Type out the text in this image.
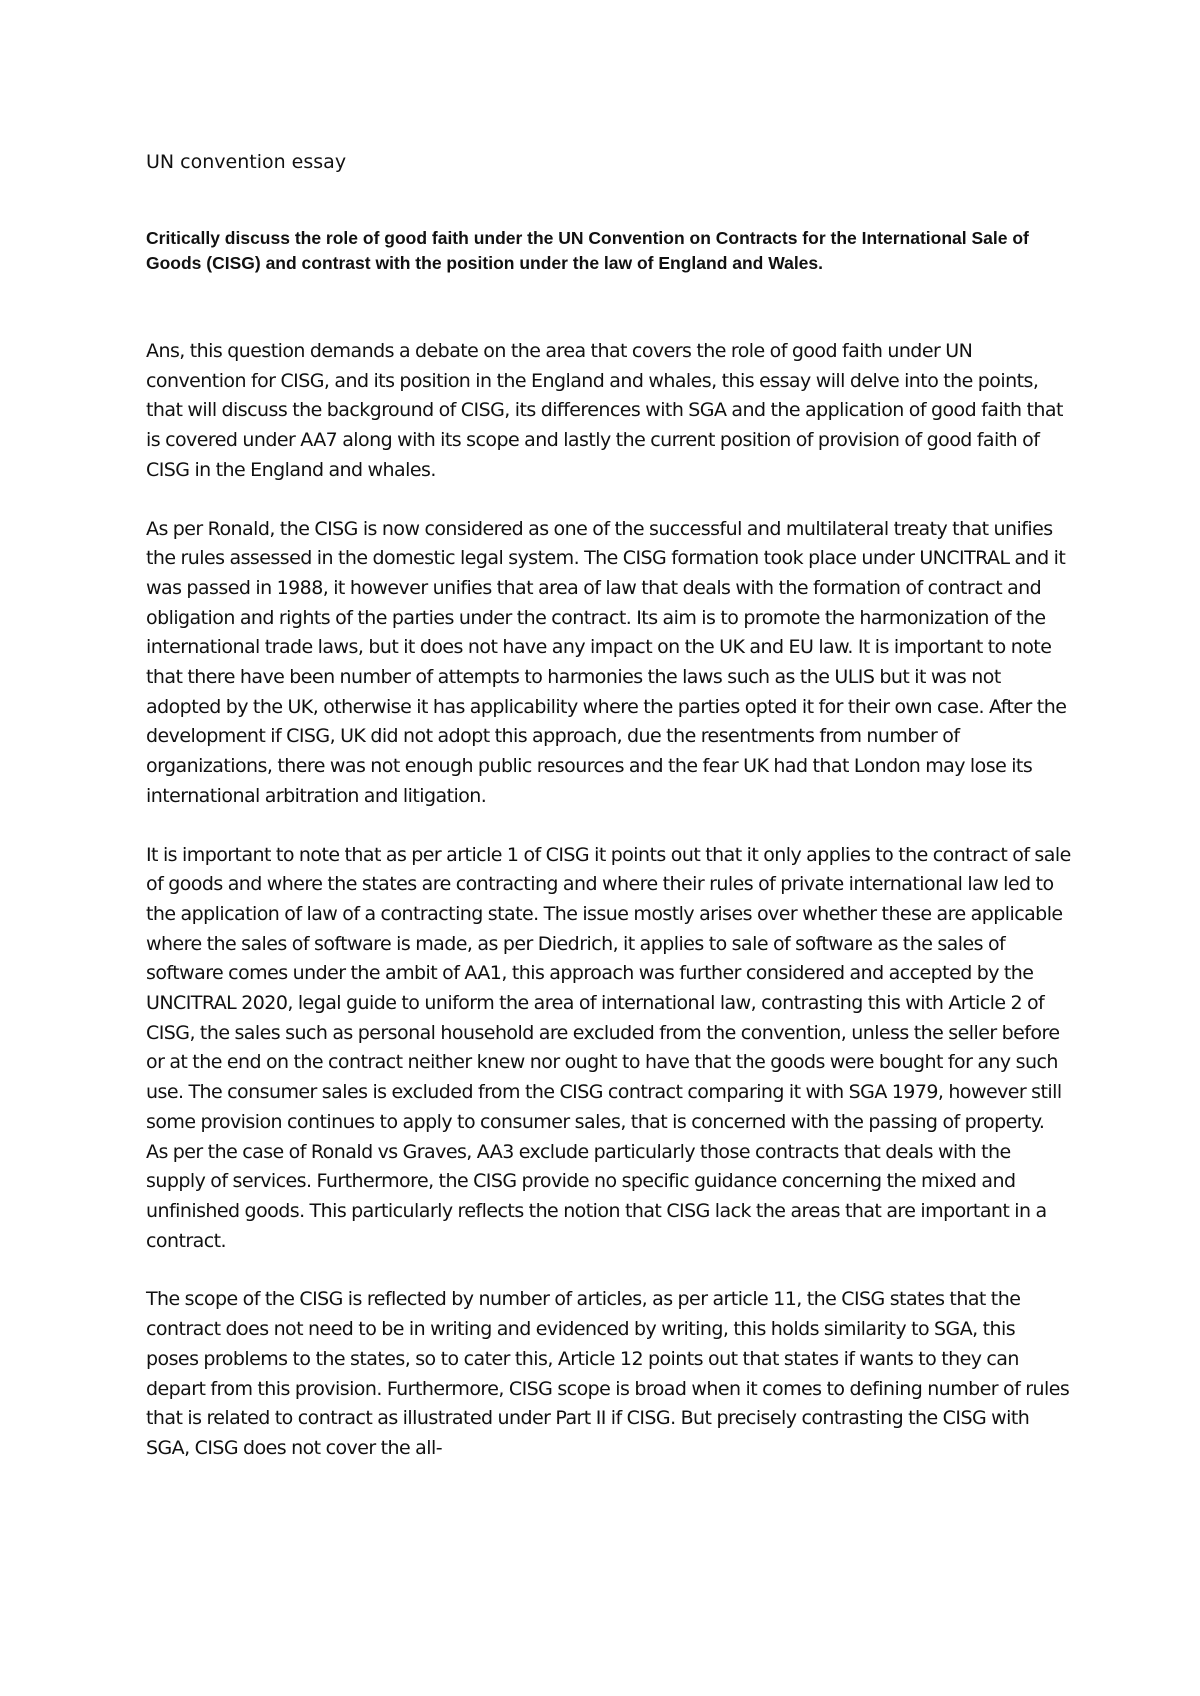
UN convention essay

Critically discuss the role of good faith under the UN Convention on Contracts for the International Sale of Goods (CISG) and contrast with the position under the law of England and Wales.

Ans, this question demands a debate on the area that covers the role of good faith under UN convention for CISG, and its position in the England and whales, this essay will delve into the points, that will discuss the background of CISG, its differences with SGA and the application of good faith that is covered under AA7 along with its scope and lastly the current position of provision of good faith of CISG in the England and whales.

As per Ronald, the CISG is now considered as one of the successful and multilateral treaty that unifies the rules assessed in the domestic legal system. The CISG formation took place under UNCITRAL and it was passed in 1988, it however unifies that area of law that deals with the formation of contract and obligation and rights of the parties under the contract. Its aim is to promote the harmonization of the international trade laws, but it does not have any impact on the UK and EU law. It is important to note that there have been number of attempts to harmonies the laws such as the ULIS but it was not adopted by the UK, otherwise it has applicability where the parties opted it for their own case. After the development if CISG, UK did not adopt this approach, due the resentments from number of organizations, there was not enough public resources and the fear UK had that London may lose its international arbitration and litigation.

It is important to note that as per article 1 of CISG it points out that it only applies to the contract of sale of goods and where the states are contracting and where their rules of private international law led to the application of law of a contracting state. The issue mostly arises over whether these are applicable where the sales of software is made, as per Diedrich, it applies to sale of software as the sales of software comes under the ambit of AA1, this approach was further considered and accepted by the UNCITRAL 2020, legal guide to uniform the area of international law, contrasting this with Article 2 of CISG, the sales such as personal household are excluded from the convention, unless the seller before or at the end on the contract neither knew nor ought to have that the goods were bought for any such use. The consumer sales is excluded from the CISG contract comparing it with SGA 1979, however still some provision continues to apply to consumer sales, that is concerned with the passing of property. As per the case of Ronald vs Graves, AA3 exclude particularly those contracts that deals with the supply of services. Furthermore, the CISG provide no specific guidance concerning the mixed and unfinished goods. This particularly reflects the notion that CISG lack the areas that are important in a contract.

The scope of the CISG is reflected by number of articles, as per article 11, the CISG states that the contract does not need to be in writing and evidenced by writing, this holds similarity to SGA, this poses problems to the states, so to cater this, Article 12 points out that states if wants to they can depart from this provision. Furthermore, CISG scope is broad when it comes to defining number of rules that is related to contract as illustrated under Part II if CISG. But precisely contrasting the CISG with SGA, CISG does not cover the all-
